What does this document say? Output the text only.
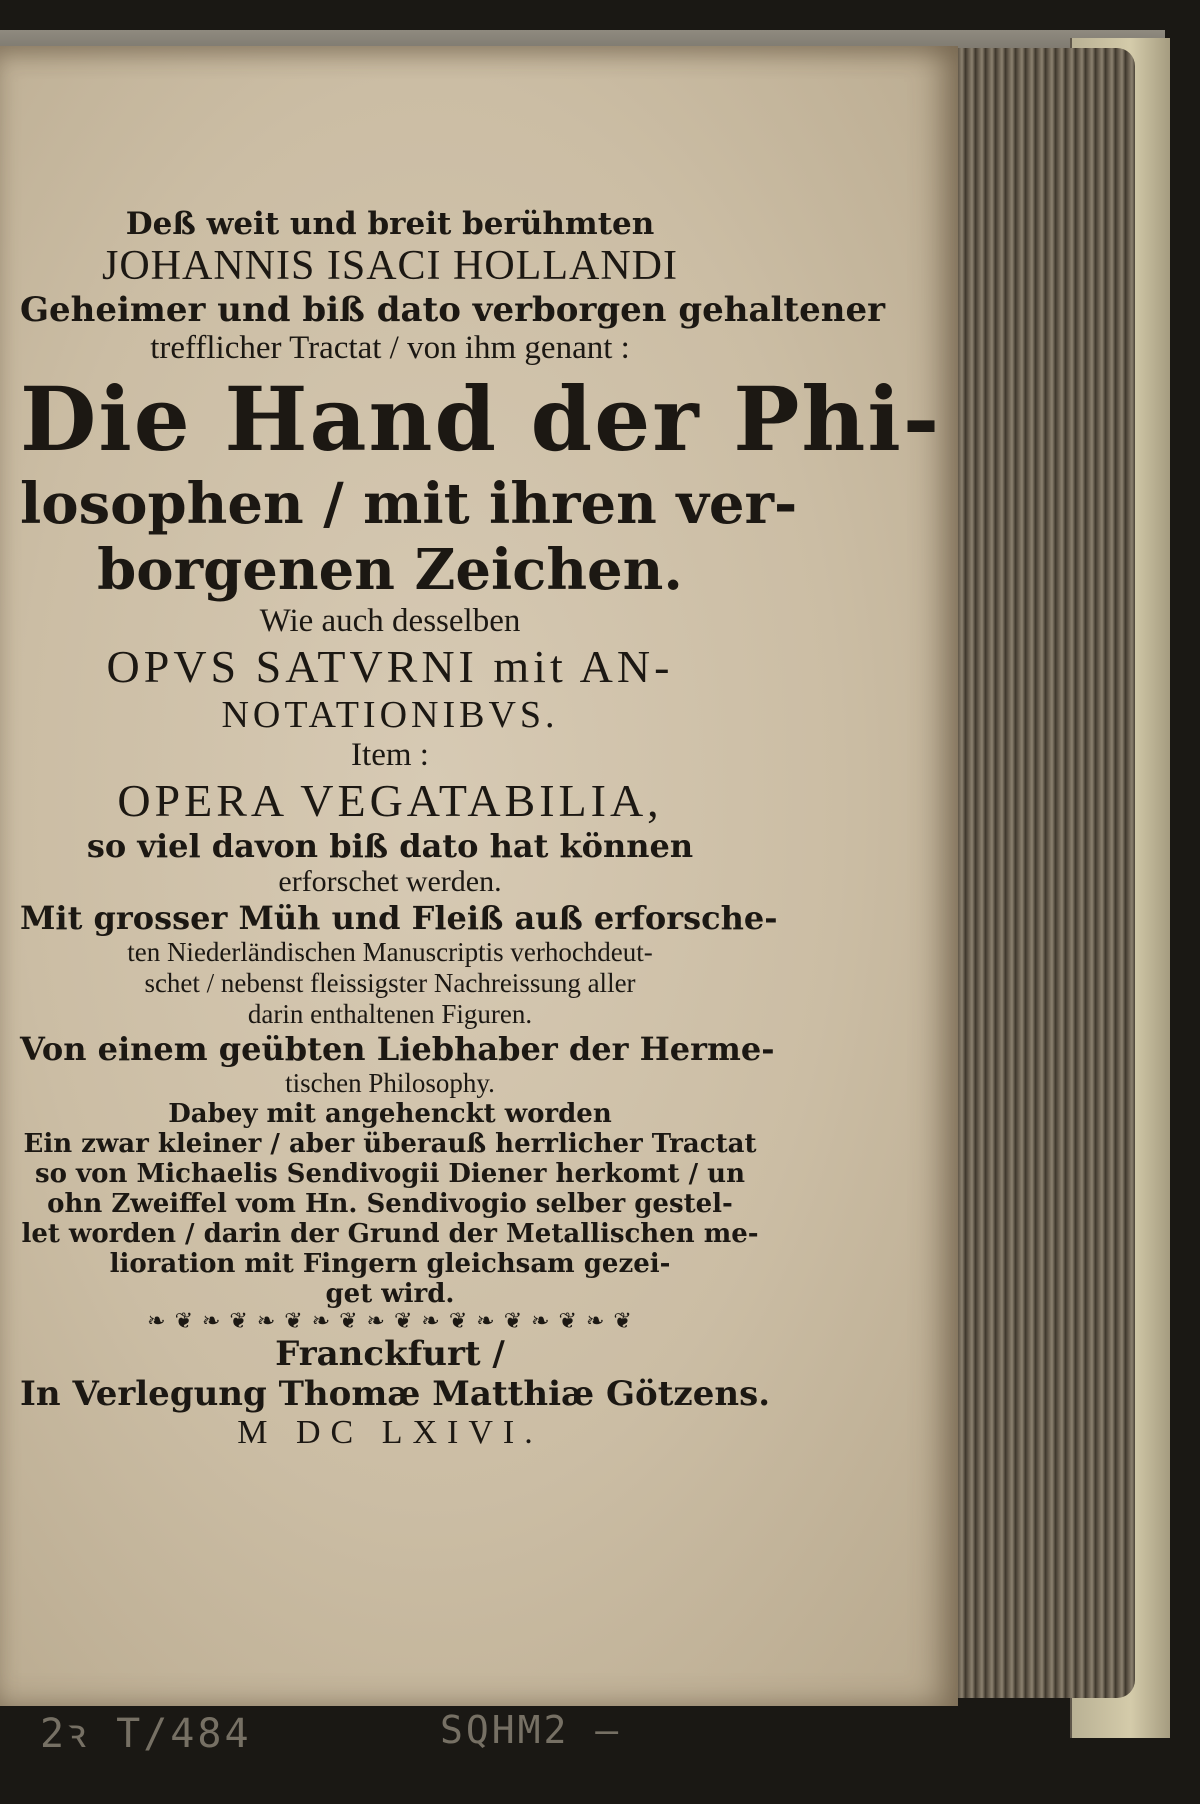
Deß weit und breit berühmten
JOHANNIS ISACI HOLLANDI
Geheimer und biß dato verborgen gehaltener
trefflicher Tractat / von ihm genant :
Die Hand der Phi-
losophen / mit ihren ver-
borgenen Zeichen.
Wie auch desselben
OPVS SATVRNI mit AN-
NOTATIONIBVS.
Item :
OPERA VEGATABILIA,
so viel davon biß dato hat können
erforschet werden.
Mit grosser Müh und Fleiß auß erforsche-
ten Niederländischen Manuscriptis verhochdeut-
schet / nebenst fleissigster Nachreissung aller
darin enthaltenen Figuren.
Von einem geübten Liebhaber der Herme-
tischen Philosophy.
Dabey mit angehenckt worden
Ein zwar kleiner / aber überauß herrlicher Tractat
so von Michaelis Sendivogii Diener herkomt / un
ohn Zweiffel vom Hn. Sendivogio selber gestel-
let worden / darin der Grund der Metallischen me-
lioration mit Fingern gleichsam gezei-
get wird.
❧ ❦ ❧ ❦ ❧ ❦ ❧ ❦ ❧ ❦ ❧ ❦ ❧ ❦ ❧ ❦ ❧ ❦
Franckfurt /
In Verlegung Thomæ Matthiæ Götzens.
M DC LXIVI.
2ꝛ T/484	SQHM2 –
